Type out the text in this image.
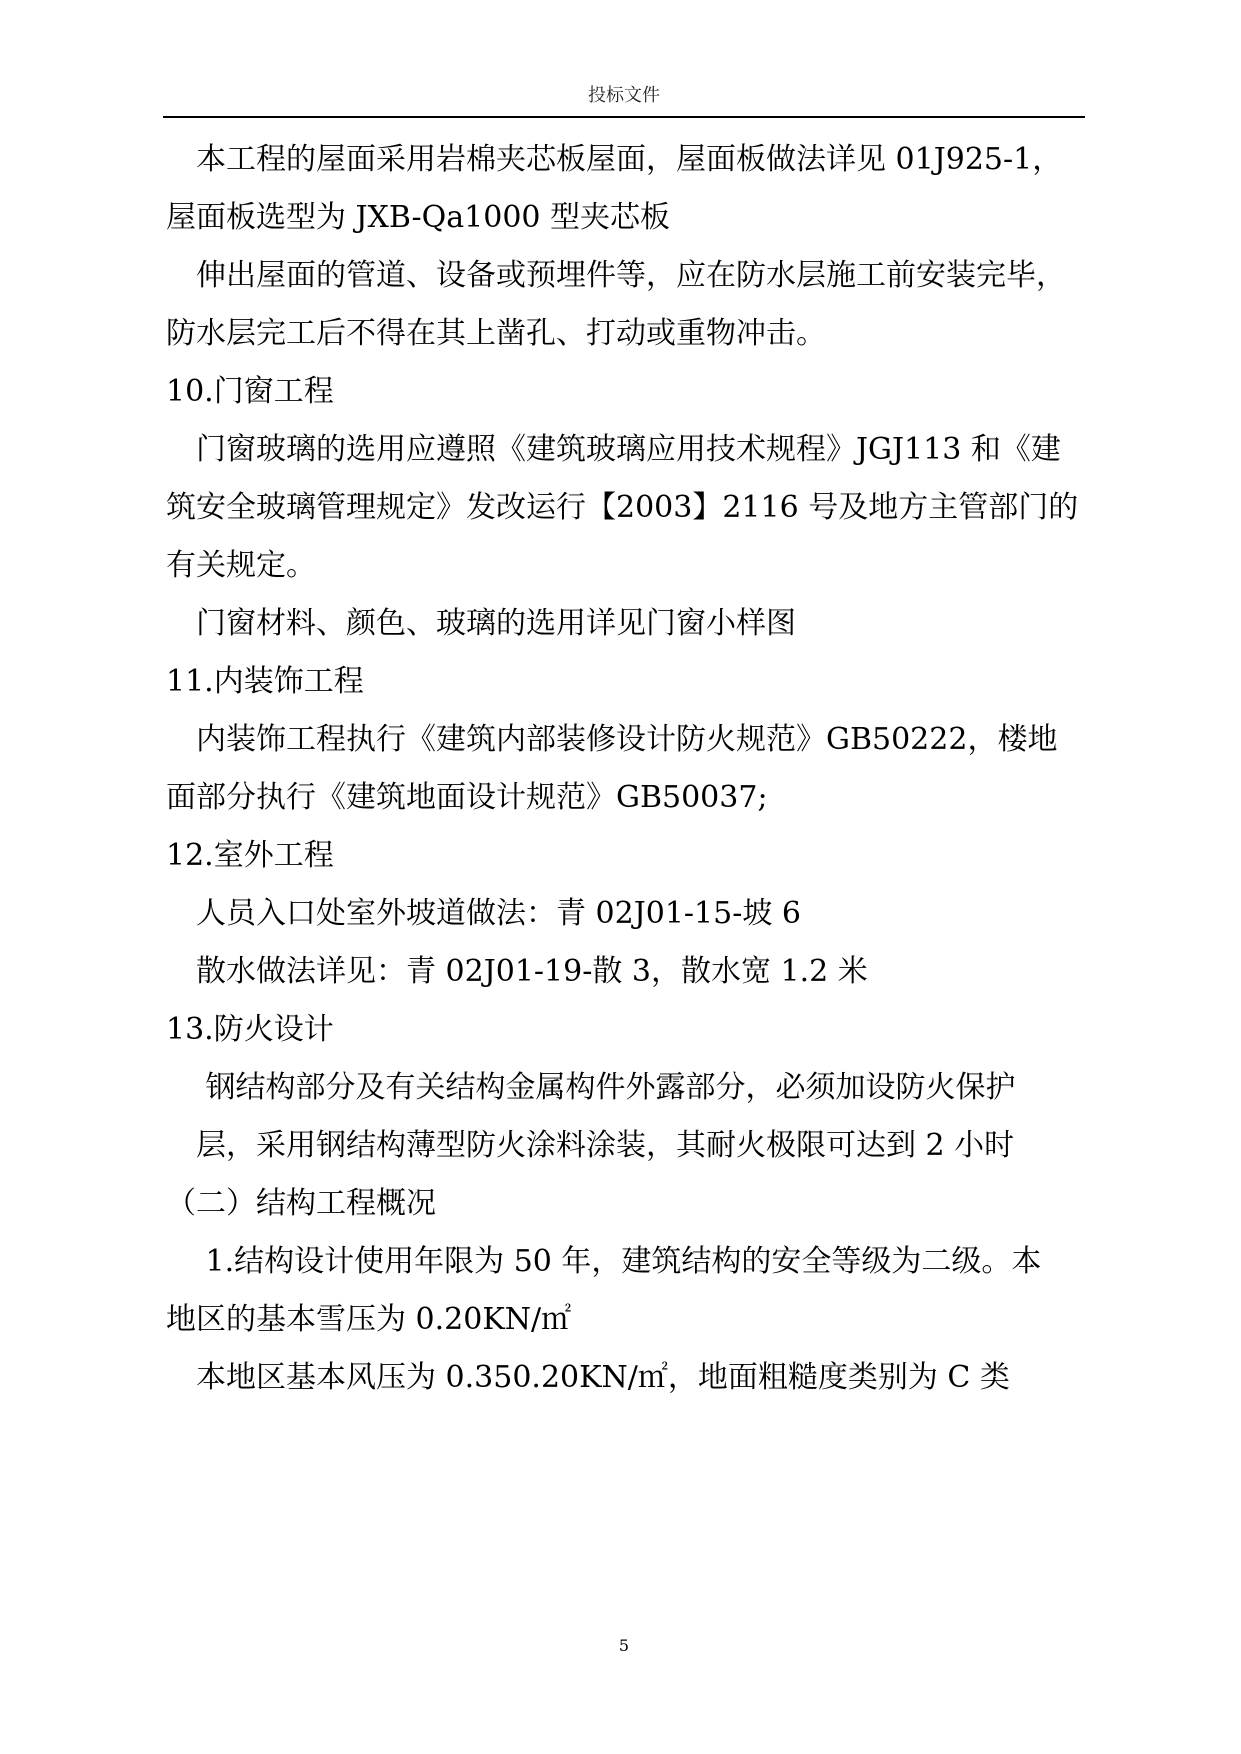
投标文件
　本工程的屋面采用岩棉夹芯板屋面，屋面板做法详见 01J925-1，
屋面板选型为 JXB-Qa1000 型夹芯板
　伸出屋面的管道、设备或预埋件等，应在防水层施工前安装完毕，
防水层完工后不得在其上凿孔、打动或重物冲击。
10.门窗工程
　门窗玻璃的选用应遵照《建筑玻璃应用技术规程》JGJ113 和《建
筑安全玻璃管理规定》发改运行【2003】2116 号及地方主管部门的
有关规定。
　门窗材料、颜色、玻璃的选用详见门窗小样图
11.内装饰工程
　内装饰工程执行《建筑内部装修设计防火规范》GB50222，楼地
面部分执行《建筑地面设计规范》GB50037;
12.室外工程
　人员入口处室外坡道做法：青 02J01-15-坡 6
　散水做法详见：青 02J01-19-散 3，散水宽 1.2 米
13.防火设计
　 钢结构部分及有关结构金属构件外露部分，必须加设防火保护
　层，采用钢结构薄型防火涂料涂装，其耐火极限可达到 2 小时
（二）结构工程概况
　 1.结构设计使用年限为 50 年，建筑结构的安全等级为二级。本
地区的基本雪压为 0.20KN/㎡
　本地区基本风压为 0.350.20KN/㎡，地面粗糙度类别为 C 类
5
